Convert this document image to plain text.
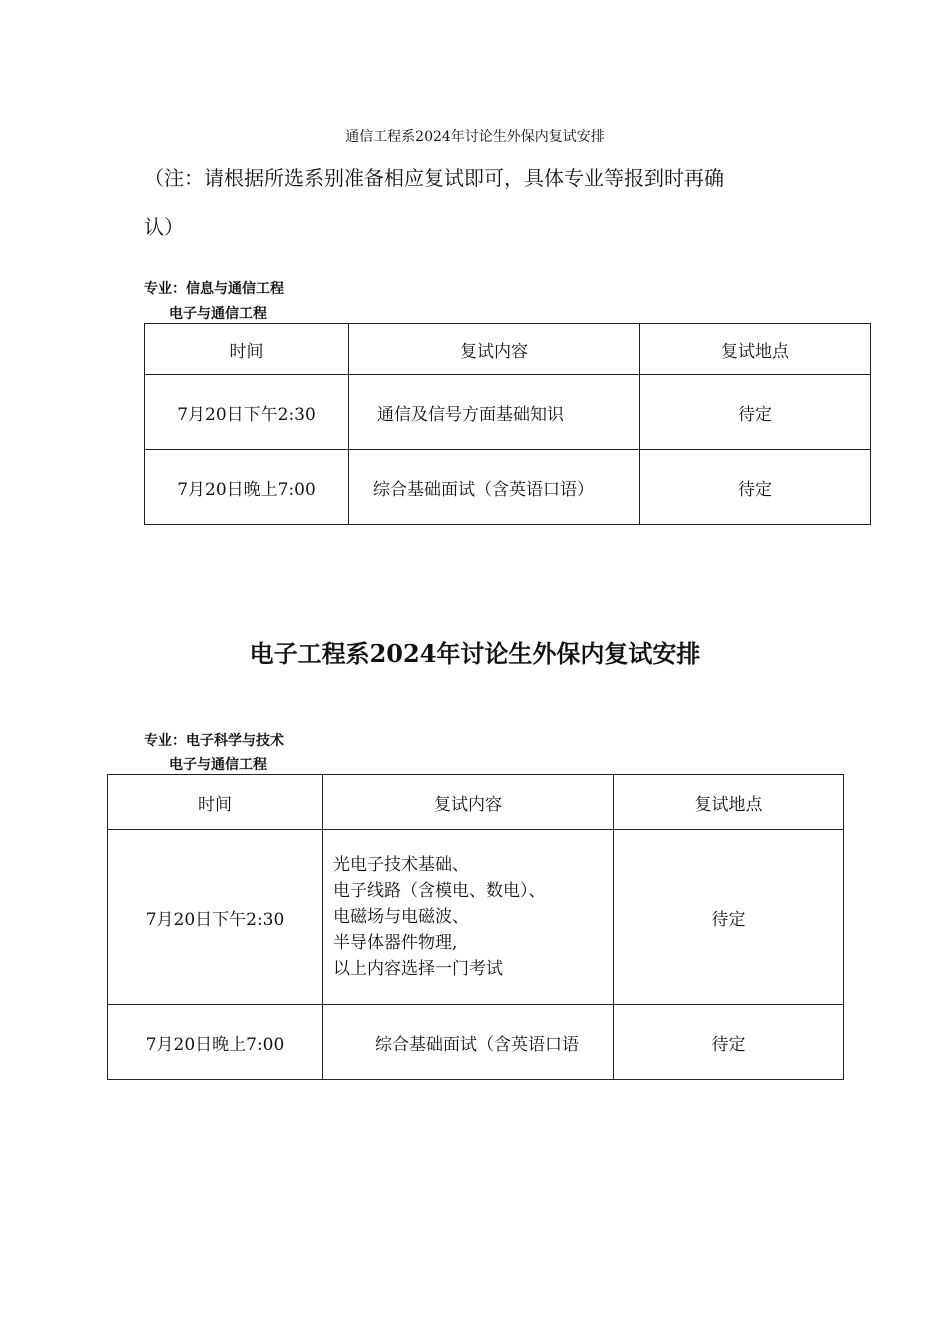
通信工程系2024年讨论生外保内复试安排
（注：请根据所选系别准备相应复试即可，具体专业等报到时再确
认）
专业：信息与通信工程
电子与通信工程
时间	复试内容	复试地点
7月20日下午2:30	通信及信号方面基础知识	待定
7月20日晚上7:00	综合基础面试（含英语口语）	待定
电子工程系2024年讨论生外保内复试安排
专业：电子科学与技术
电子与通信工程
时间	复试内容	复试地点
7月20日下午2:30	光电子技术基础、
电子线路（含模电、数电）、
电磁场与电磁波、
半导体器件物理,
以上内容选择一门考试	待定
7月20日晚上7:00	综合基础面试（含英语口语	待定
